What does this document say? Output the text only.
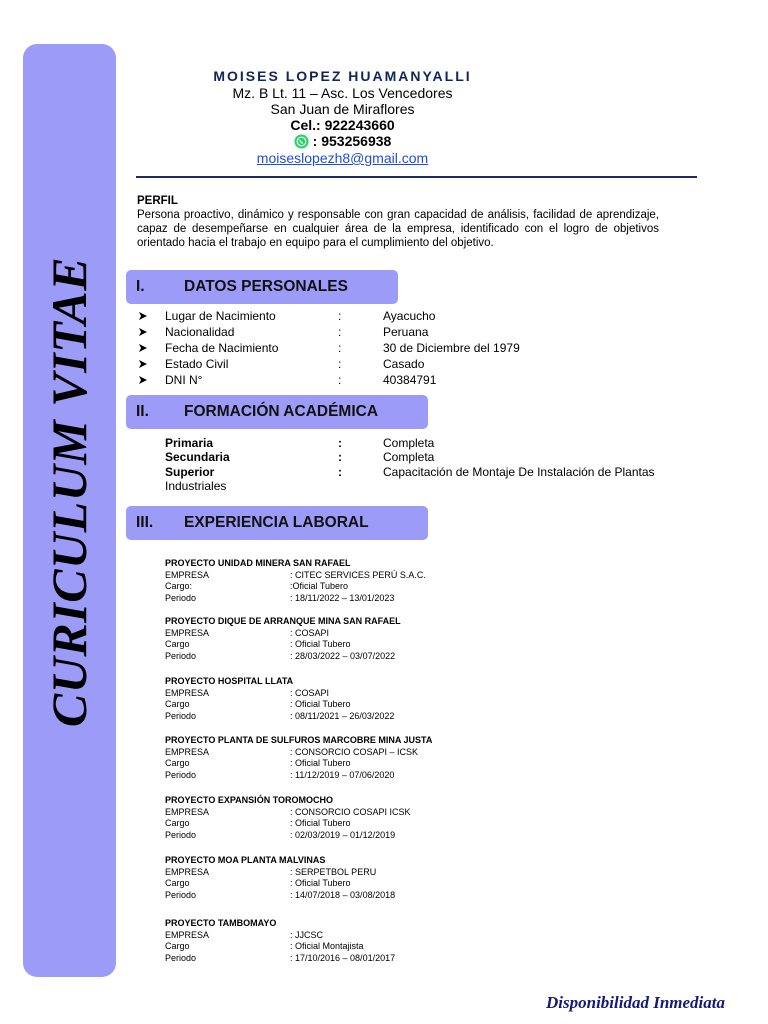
CURICULUM VITAE
MOISES LOPEZ HUAMANYALLI
Mz. B Lt. 11 – Asc. Los Vencedores
San Juan de Miraflores
Cel.: 922243660
: 953256938
moiseslopezh8@gmail.com
PERFIL
Persona proactivo, dinámico y responsable con gran capacidad de análisis, facilidad de aprendizaje, capaz de desempeñarse en cualquier área de la empresa, identificado con el logro de objetivos orientado hacia el trabajo en equipo para el cumplimiento del objetivo.
I.	DATOS PERSONALES
Lugar de Nacimiento	:	Ayacucho
Nacionalidad	:	Peruana
Fecha de Nacimiento	:	30 de Diciembre del 1979
Estado Civil	:	Casado
DNI N°	:	40384791
II. FORMACIÓN ACADÉMICA
Primaria	:	Completa
Secundaria	:	Completa
Superior	:	Capacitación de Montaje De Instalación de Plantas
Industriales
III. EXPERIENCIA LABORAL
PROYECTO UNIDAD MINERA SAN RAFAEL
EMPRESA	: CITEC SERVICES PERÚ S.A.C.
Cargo:	:Oficial Tubero
Periodo	: 18/11/2022 – 13/01/2023
PROYECTO DIQUE DE ARRANQUE MINA SAN RAFAEL
EMPRESA	: COSAPI
Cargo	: Oficial Tubero
Periodo	: 28/03/2022 – 03/07/2022
PROYECTO HOSPITAL LLATA
EMPRESA	: COSAPI
Cargo	: Oficial Tubero
Periodo	: 08/11/2021 – 26/03/2022
PROYECTO PLANTA DE SULFUROS MARCOBRE MINA JUSTA
EMPRESA	: CONSORCIO COSAPI – ICSK
Cargo	: Oficial Tubero
Periodo	: 11/12/2019 – 07/06/2020
PROYECTO EXPANSIÓN TOROMOCHO
EMPRESA	: CONSORCIO COSAPI ICSK
Cargo	: Oficial Tubero
Periodo	: 02/03/2019 – 01/12/2019
PROYECTO MOA PLANTA MALVINAS
EMPRESA	: SERPETBOL PERU
Cargo	: Oficial Tubero
Periodo	: 14/07/2018 – 03/08/2018
PROYECTO TAMBOMAYO
EMPRESA	: JJCSC
Cargo	: Oficial Montajista
Periodo	: 17/10/2016 – 08/01/2017
Disponibilidad Inmediata
